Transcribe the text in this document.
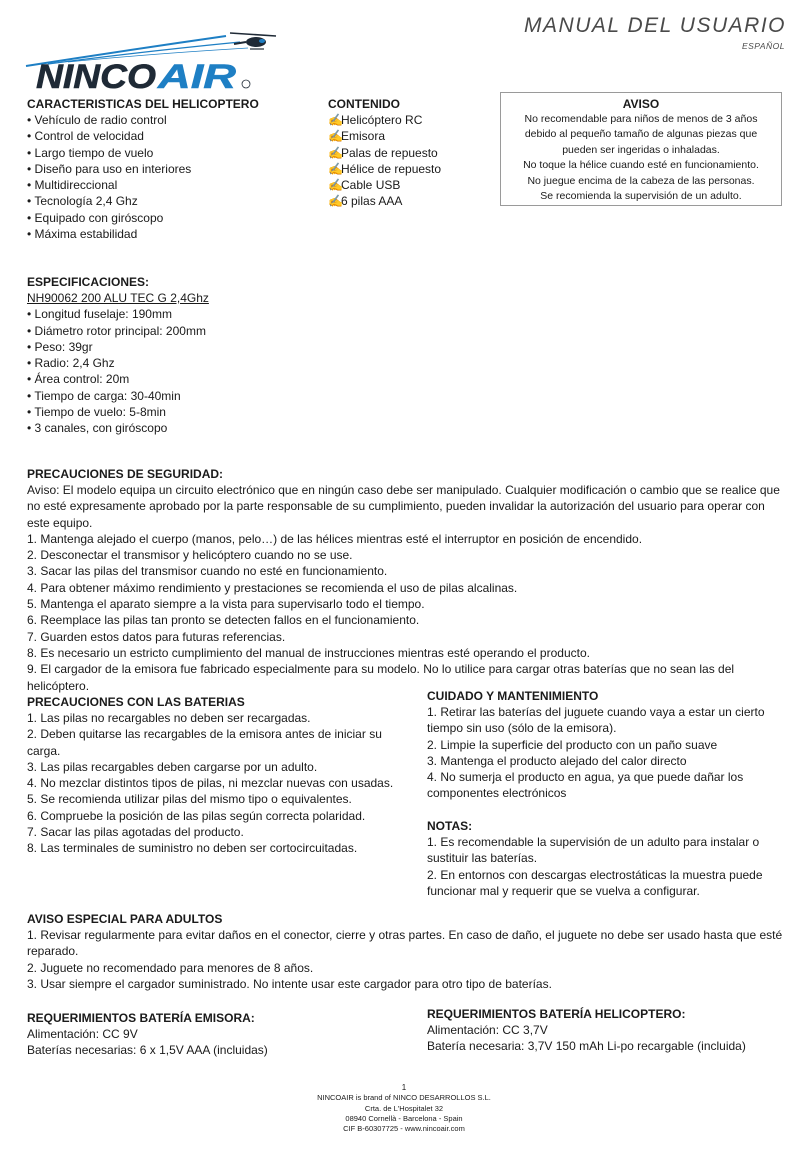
MANUAL DEL USUARIO
ESPAÑOL
NINCO AIR

CARACTERISTICAS DEL HELICOPTERO

• Vehículo de radio control
• Control de velocidad
• Largo tiempo de vuelo
• Diseño para uso en interiores
• Multidireccional
• Tecnología 2,4 Ghz
• Equipado con giróscopo
• Máxima estabilidad

CONTENIDO

✍
Helicóptero RC
✍
Emisora
✍
Palas de repuesto
✍
Hélice de repuesto
✍
Cable USB
✍
6 pilas AAA

AVISO

No recomendable para niños de menos de 3 años

debido al pequeño tamaño de algunas piezas que

pueden ser ingeridas o inhaladas.

No toque la hélice cuando esté en funcionamiento.

No juegue encima de la cabeza de las personas.

Se recomienda la supervisión de un adulto.

ESPECIFICACIONES:

NH90062 200 ALU TEC G 2,4Ghz

• Longitud fuselaje: 190mm
• Diámetro rotor principal: 200mm
• Peso: 39gr
• Radio: 2,4 Ghz
• Área control: 20m
• Tiempo de carga: 30-40min
• Tiempo de vuelo: 5-8min
• 3 canales, con giróscopo

PRECAUCIONES DE SEGURIDAD:

Aviso: El modelo equipa un circuito electrónico que en ningún caso debe ser manipulado. Cualquier modificación o cambio que se realice que no esté expresamente aprobado por la parte responsable de su cumplimiento, pueden invalidar la autorización del usuario para operar con este equipo.

1. Mantenga alejado el cuerpo (manos, pelo…) de las hélices mientras esté el interruptor en posición de encendido.
2. Desconectar el transmisor y helicóptero cuando no se use.
3. Sacar las pilas del transmisor cuando no esté en funcionamiento.
4. Para obtener máximo rendimiento y prestaciones se recomienda el uso de pilas alcalinas.
5. Mantenga el aparato siempre a la vista para supervisarlo todo el tiempo.
6. Reemplace las pilas tan pronto se detecten fallos en el funcionamiento.
7. Guarden estos datos para futuras referencias.
8. Es necesario un estricto cumplimiento del manual de instrucciones mientras esté operando el producto.
9. El cargador de la emisora fue fabricado especialmente para su modelo. No lo utilice para cargar otras baterías que no sean las del helicóptero.

PRECAUCIONES CON LAS BATERIAS

1. Las pilas no recargables no deben ser recargadas.
2. Deben quitarse las recargables de la emisora antes de iniciar su carga.
3. Las pilas recargables deben cargarse por un adulto.
4. No mezclar distintos tipos de pilas, ni mezclar nuevas con usadas.
5. Se recomienda utilizar pilas del mismo tipo o equivalentes.
6. Compruebe la posición de las pilas según correcta polaridad.
7. Sacar las pilas agotadas del producto.
8. Las terminales de suministro no deben ser cortocircuitadas.

CUIDADO Y MANTENIMIENTO

1. Retirar las baterías del juguete cuando vaya a estar un cierto tiempo sin uso (sólo de la emisora).
2. Limpie la superficie del producto con un paño suave
3. Mantenga el producto alejado del calor directo
4. No sumerja el producto en agua, ya que puede dañar los componentes electrónicos

NOTAS:

1. Es recomendable la supervisión de un adulto para instalar o sustituir las baterías.
2. En entornos con descargas electrostáticas la muestra puede funcionar mal y requerir que se vuelva a configurar.

AVISO ESPECIAL PARA ADULTOS

1. Revisar regularmente para evitar daños en el conector, cierre y otras partes. En caso de daño, el juguete no debe ser usado hasta que esté reparado.
2. Juguete no recomendado para menores de 8 años.
3. Usar siempre el cargador suministrado. No intente usar este cargador para otro tipo de baterías.

REQUERIMIENTOS BATERÍA EMISORA:

Alimentación: CC 9V

Baterías necesarias: 6 x 1,5V AAA (incluidas)

REQUERIMIENTOS BATERÍA HELICOPTERO:

Alimentación: CC 3,7V

Batería necesaria: 3,7V 150 mAh Li-po recargable (incluida)

1

NINCOAIR is brand of NINCO DESARROLLOS S.L.

Crta. de L'Hospitalet 32

08940 Cornellà - Barcelona - Spain

CIF B-60307725 - www.nincoair.com
